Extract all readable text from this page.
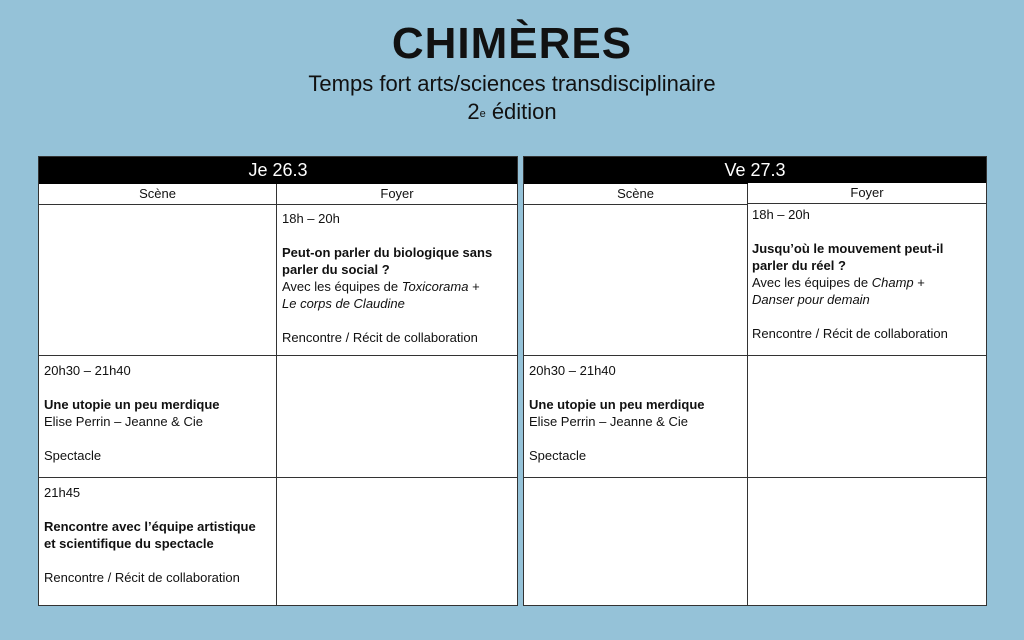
CHIMÈRES
Temps fort arts/sciences transdisciplinaire
2e édition
Je 26.3
Scène	Foyer
18h – 20h
Peut-on parler du biologique sans
parler du social ?
Avec les équipes de Toxicorama +
Le corps de Claudine
Rencontre / Récit de collaboration
20h30 – 21h40
Une utopie un peu merdique
Elise Perrin – Jeanne & Cie
Spectacle
21h45
Rencontre avec l’équipe artistique
et scientifique du spectacle
Rencontre / Récit de collaboration
Ve 27.3
Scène	Foyer
18h – 20h
Jusqu’où le mouvement peut-il
parler du réel ?
Avec les équipes de Champ +
Danser pour demain
Rencontre / Récit de collaboration
20h30 – 21h40
Une utopie un peu merdique
Elise Perrin – Jeanne & Cie
Spectacle
